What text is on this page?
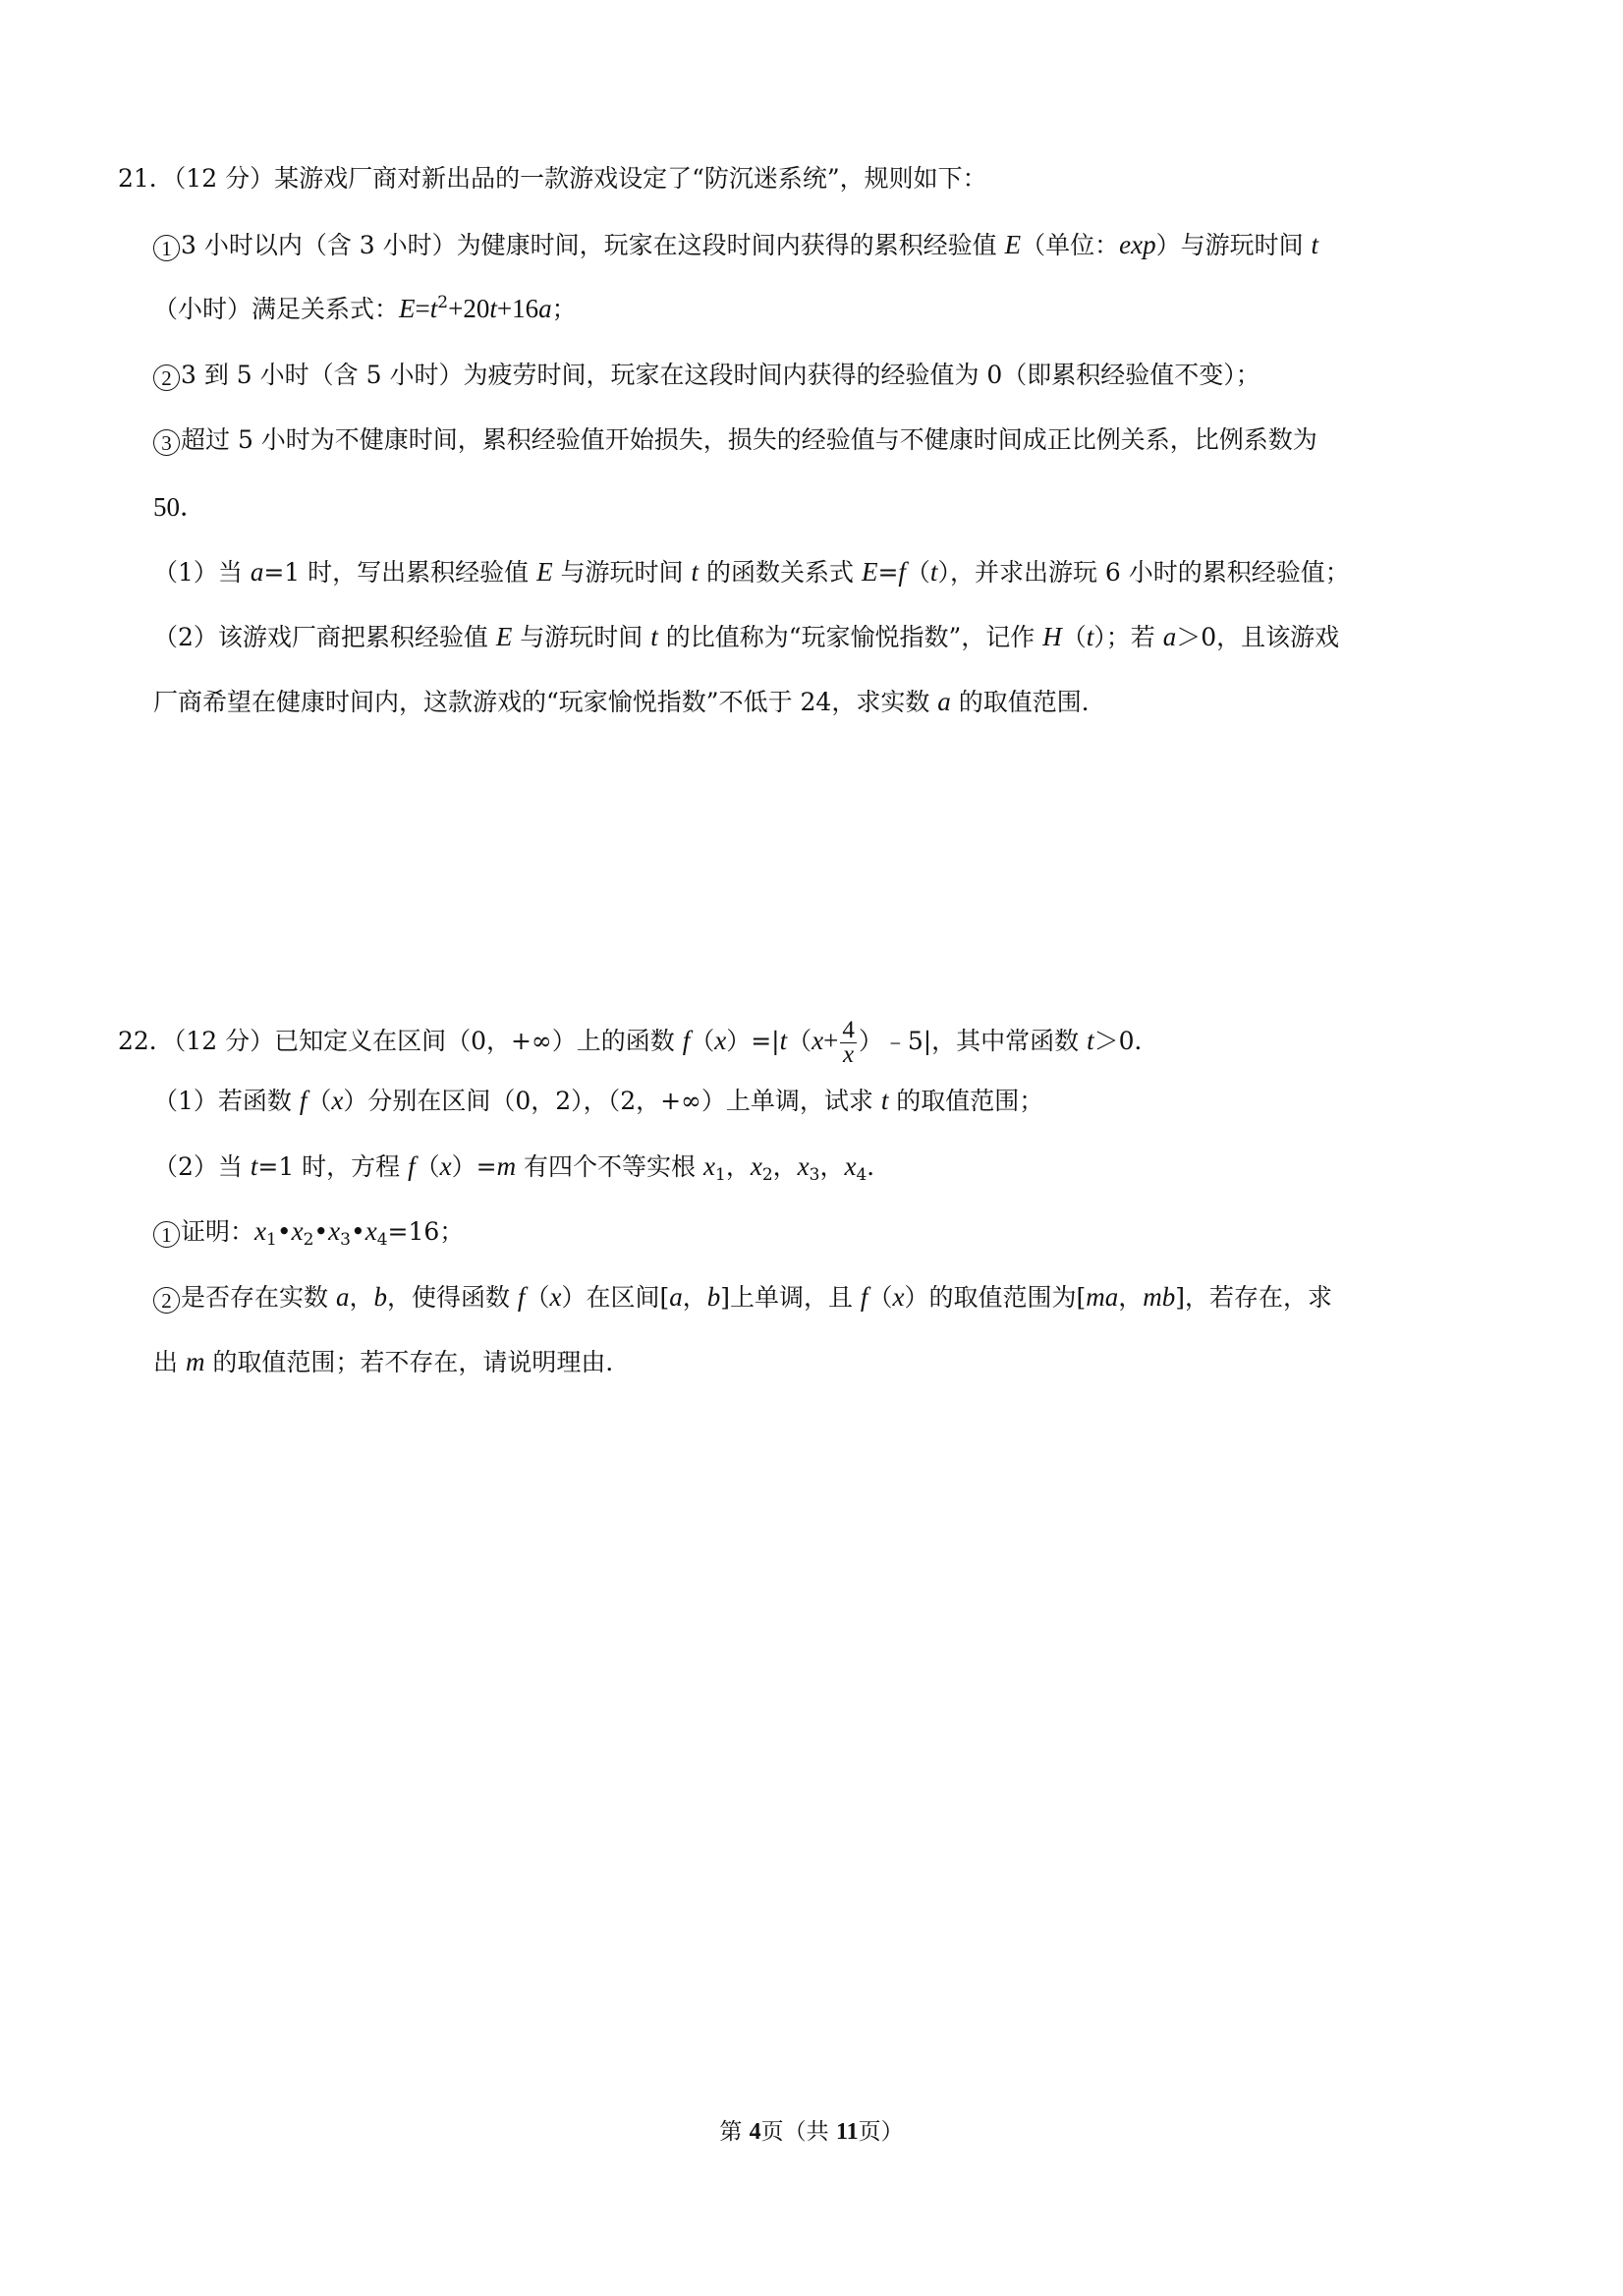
21．（12 分）某游戏厂商对新出品的一款游戏设定了“防沉迷系统”，规则如下：
1 3 小时以内（含 3 小时）为健康时间，玩家在这段时间内获得的累积经验值 E（单位：exp）与游玩时间 t
（小时）满足关系式：$E=t^2+20t+16a$；
2 3 到 5 小时（含 5 小时）为疲劳时间，玩家在这段时间内获得的经验值为 0（即累积经验值不变）；
3 超过 5 小时为不健康时间，累积经验值开始损失，损失的经验值与不健康时间成正比例关系，比例系数为
50．
（1）当 a=1 时，写出累积经验值 E 与游玩时间 t 的函数关系式 E=f（t），并求出游玩 6 小时的累积经验值；
（2）该游戏厂商把累积经验值 E 与游玩时间 t 的比值称为“玩家愉悦指数”，记作 H（t）；若 a＞0，且该游戏
厂商希望在健康时间内，这款游戏的“玩家愉悦指数”不低于 24，求实数 a 的取值范围．
22．（12 分）已知定义在区间（0，+∞）上的函数 $f(x)=|t(x+ \frac{4}{x}$ ）﹣5|，其中常函数 t＞0．
（1）若函数 f（x）分别在区间（0，2），（2，+∞）上单调，试求 t 的取值范围；
（2）当 t=1 时，方程 f（x）=m 有四个不等实根 $x_1$，$x_2$，$x_3$，$x_4$．
1 证明：$x_1•x_2•x_3•x_4=16$；
2 是否存在实数 a，b，使得函数 f（x）在区间[a，b]上单调，且 f（x）的取值范围为[ma，mb]，若存在，求
出 m 的取值范围；若不存在，请说明理由．
第 4页（共 11页）
